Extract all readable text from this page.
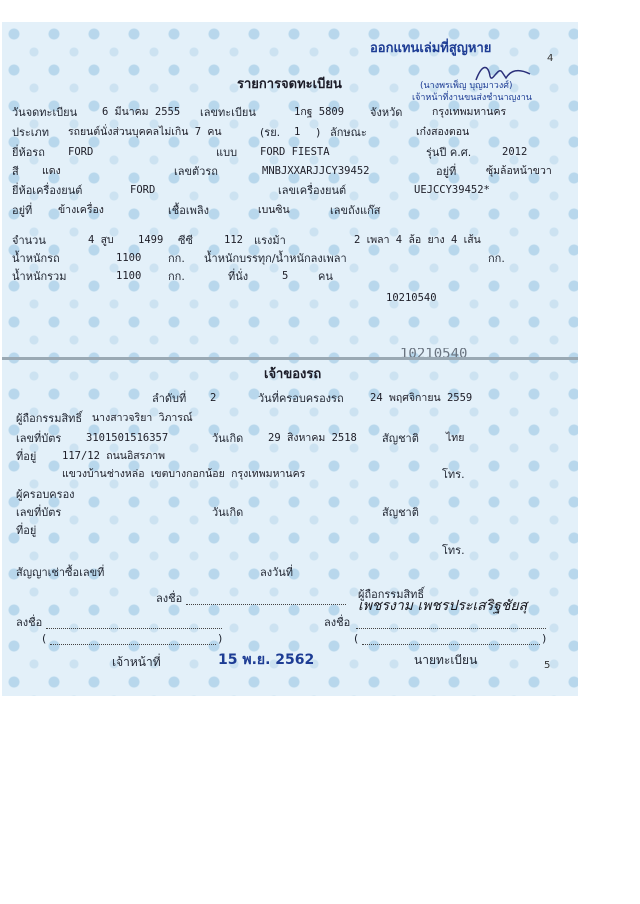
ออกแทนเล่มที่สูญหาย
4
(นางพรเพ็ญ บุญมาวงศ์)
เจ้าหน้าที่งานขนส่งชำนาญงาน
รายการจดทะเบียน
วันจดทะเบียน 6 มีนาคม 2555 เลขทะเบียน	1กฐ 5809 จังหวัด	กรุงเทพมหานคร
ประเภท รถยนต์นั่งส่วนบุคคลไม่เกิน 7 คน	(รย. 1 ) ลักษณะ	เก๋งสองตอน
ยี่ห้อรถ FORD	แบบ FORD FIESTA	รุ่นปี ค.ศ.	2012
สี แดง	เลขตัวรถ	MNBJXXARJJCY39452	อยู่ที่	ซุ้มล้อหน้าขวา
ยี่ห้อเครื่องยนต์	FORD	เลขเครื่องยนต์	UEJCCY39452*
อยู่ที่ ข้างเครื่อง	เชื้อเพลิง	เบนซิน	เลขถังแก๊ส
จำนวน	4 สูบ 1499 ซีซี	112 แรงม้า	2 เพลา 4 ล้อ ยาง 4 เส้น
น้ำหนักรถ	1100 กก. น้ำหนักบรรทุก/น้ำหนักลงเพลา	กก.
น้ำหนักรวม	1100 กก.	ที่นั่ง	5	คน
10210540
10210540
เจ้าของรถ
ลำดับที่ 2	วันที่ครอบครองรถ	24 พฤศจิกายน 2559
ผู้ถือกรรมสิทธิ์ นางสาวจริยา วิภารณ์
เลขที่บัตร 3101501516357	วันเกิด 29 สิงหาคม 2518 สัญชาติ	ไทย
ที่อยู่ 117/12 ถนนอิสรภาพ
แขวงบ้านช่างหล่อ เขตบางกอกน้อย กรุงเทพมหานคร	โทร.
ผู้ครอบครอง
เลขที่บัตร	วันเกิด	สัญชาติ
ที่อยู่
โทร.
สัญญาเช่าซื้อเลขที่	ลงวันที่
ลงชื่อ	ผู้ถือกรรมสิทธิ์
เพชรงาม เพชรประเสริฐชัยสุ
ลงชื่อ
(	)
ลงชื่อ
(	)
เจ้าหน้าที่	15 พ.ย. 2562	นายทะเบียน	5
